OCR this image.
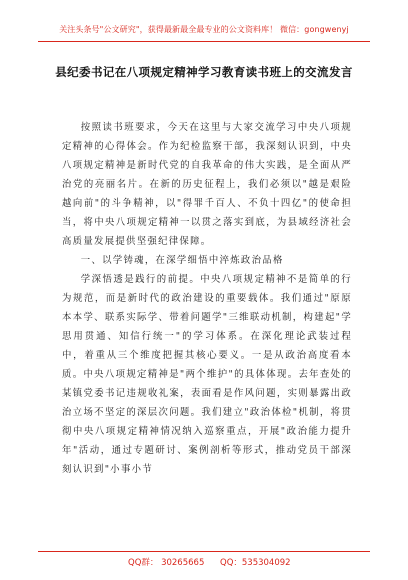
关注头条号"公文研究"，获得最新最全最专业的公文资料库！ 微信：gongwenyj
县纪委书记在八项规定精神学习教育读书班上的交流发言

按照读书班要求，今天在这里与大家交流学习中央八项规定精神的心得体会。作为纪检监察干部，我深刻认识到，中央八项规定精神是新时代党的自我革命的伟大实践，是全面从严治党的亮丽名片。在新的历史征程上，我们必须以"越是艰险越向前"的斗争精神，以"得罪千百人、不负十四亿"的使命担当，将中央八项规定精神一以贯之落实到底，为县域经济社会高质量发展提供坚强纪律保障。

一、以学铸魂，在深学细悟中淬炼政治品格

学深悟透是践行的前提。中央八项规定精神不是简单的行为规范，而是新时代的政治建设的重要载体。我们通过"原原本本学、联系实际学、带着问题学"三维联动机制，构建起"学思用贯通、知信行统一"的学习体系。在深化理论武装过程中，着重从三个维度把握其核心要义。一是从政治高度看本质。中央八项规定精神是"两个维护"的具体体现。去年查处的某镇党委书记违规收礼案，表面看是作风问题，实则暴露出政治立场不坚定的深层次问题。我们建立"政治体检"机制，将贯彻中央八项规定精神情况纳入巡察重点，开展"政治能力提升年"活动，通过专题研讨、案例剖析等形式，推动党员干部深刻认识到"小事小节

QQ群： 30265665 QQ：535304092
